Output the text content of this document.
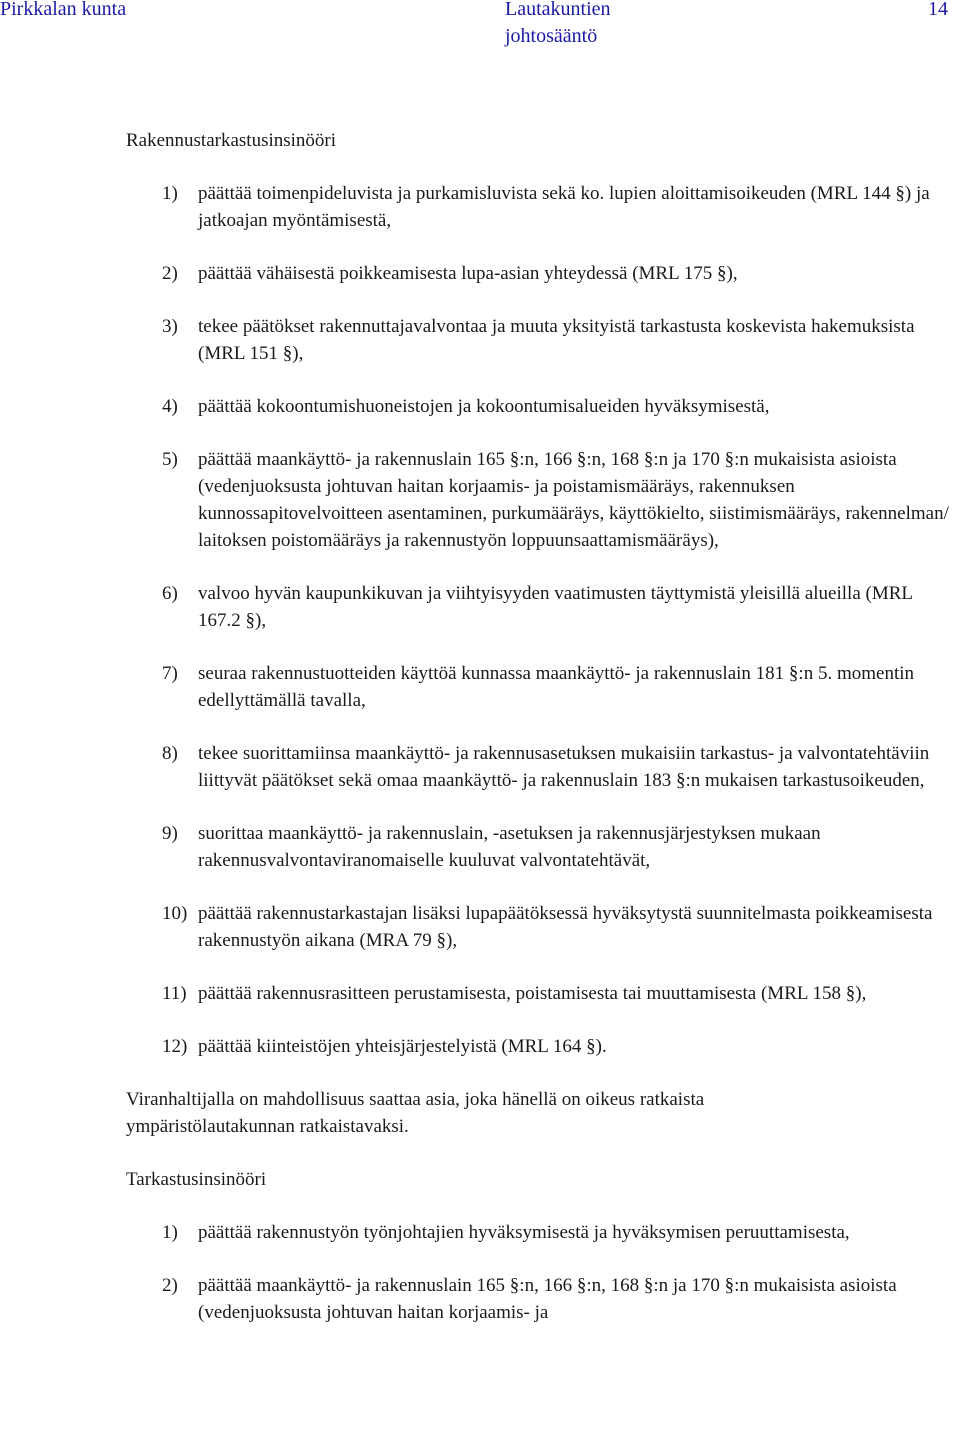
Pirkkalan kunta	Lautakuntien johtosääntö
14
Rakennustarkastusinsinööri
1) päättää toimenpideluvista ja purkamisluvista sekä ko. lupien aloittamisoikeuden (MRL 144 §) ja jatkoajan myöntämisestä,
2) päättää vähäisestä poikkeamisesta lupa-asian yhteydessä (MRL 175 §),
3) tekee päätökset rakennuttajavalvontaa ja muuta yksityistä tarkastusta koskevista hakemuksista (MRL 151 §),
4) päättää kokoontumishuoneistojen ja kokoontumisalueiden hyväksymisestä,
5) päättää maankäyttö- ja rakennuslain 165 §:n, 166 §:n, 168 §:n ja 170 §:n mukaisista asioista (vedenjuoksusta johtuvan haitan korjaamis- ja poistamismääräys, rakennuksen kunnossapitovelvoitteen asentaminen, purkumääräys, käyttökielto, siistimismääräys, rakennelman/ laitoksen poistomääräys ja rakennustyön loppuunsaattamismääräys),
6) valvoo hyvän kaupunkikuvan ja viihtyisyyden vaatimusten täyttymistä yleisillä alueilla (MRL 167.2 §),
7) seuraa rakennustuotteiden käyttöä kunnassa maankäyttö- ja rakennuslain 181 §:n 5. momentin edellyttämällä tavalla,
8) tekee suorittamiinsa maankäyttö- ja rakennusasetuksen mukaisiin tarkastus- ja valvontatehtäviin liittyvät päätökset sekä omaa maankäyttö- ja rakennuslain 183 §:n mukaisen tarkastusoikeuden,
9) suorittaa maankäyttö- ja rakennuslain, -asetuksen ja rakennusjärjestyksen mukaan rakennusvalvontaviranomaiselle kuuluvat valvontatehtävät,
10) päättää rakennustarkastajan lisäksi lupapäätöksessä hyväksytystä suunnitelmasta poikkeamisesta rakennustyön aikana (MRA 79 §),
11) päättää rakennusrasitteen perustamisesta, poistamisesta tai muuttamisesta (MRL 158 §),
12) päättää kiinteistöjen yhteisjärjestelyistä (MRL 164 §).
Viranhaltijalla on mahdollisuus saattaa asia, joka hänellä on oikeus ratkaista ympäristölautakunnan ratkaistavaksi.
Tarkastusinsinööri
1) päättää rakennustyön työnjohtajien hyväksymisestä ja hyväksymisen peruuttamisesta,
2) päättää maankäyttö- ja rakennuslain 165 §:n, 166 §:n, 168 §:n ja 170 §:n mukaisista asioista (vedenjuoksusta johtuvan haitan korjaamis- ja
